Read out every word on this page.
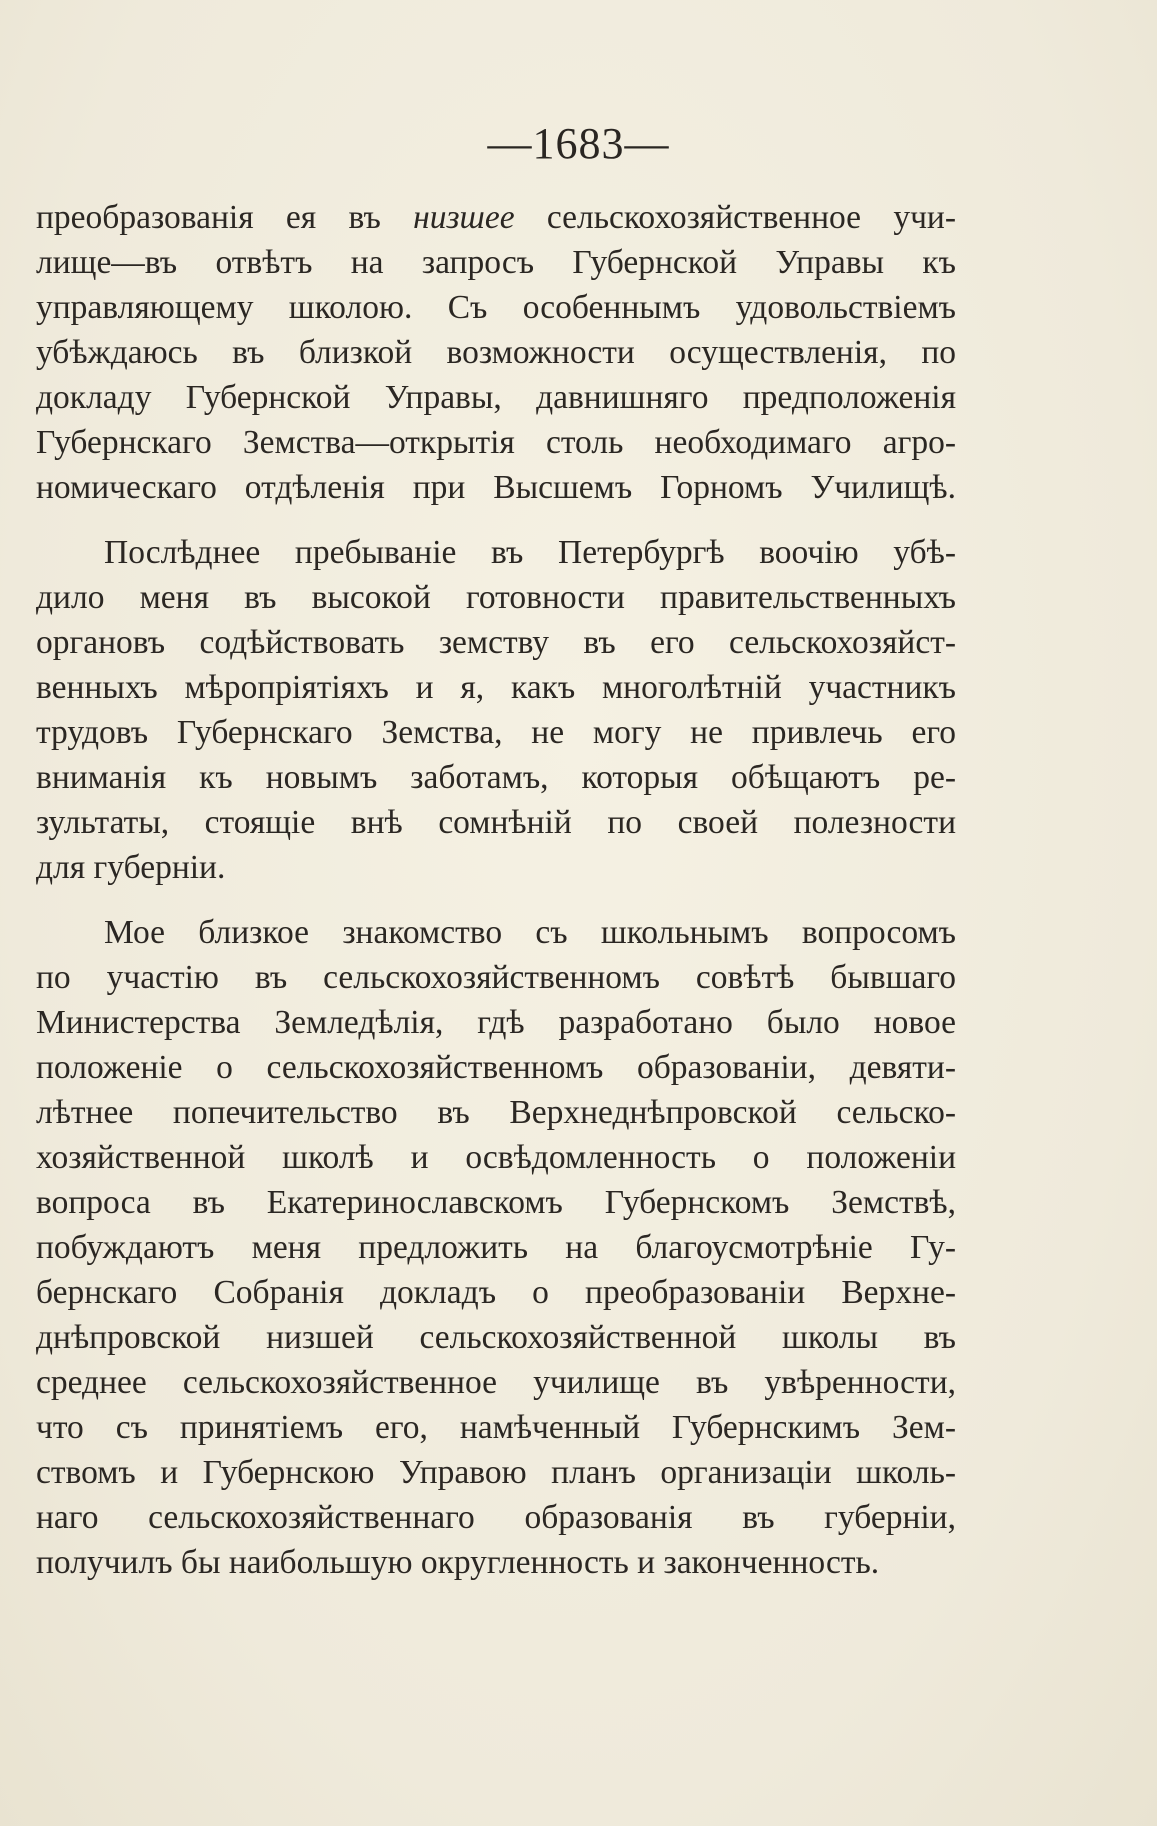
—1683—
преобразованія ея въ низшее сельскохозяйственное учи-
лище—въ отвѣтъ на запросъ Губернской Управы къ
управляющему школою. Съ особеннымъ удовольствіемъ
убѣждаюсь въ близкой возможности осуществленія, по
докладу Губернской Управы, давнишняго предположенія
Губернскаго Земства—открытія столь необходимаго агро-
номическаго отдѣленія при Высшемъ Горномъ Училищѣ.
Послѣднее пребываніе въ Петербургѣ воочію убѣ-
дило меня въ высокой готовности правительственныхъ
органовъ содѣйствовать земству въ его сельскохозяйст-
венныхъ мѣропріятіяхъ и я, какъ многолѣтній участникъ
трудовъ Губернскаго Земства, не могу не привлечь его
вниманія къ новымъ заботамъ, которыя обѣщаютъ ре-
зультаты, стоящіе внѣ сомнѣній по своей полезности
для губерніи.
Мое близкое знакомство съ школьнымъ вопросомъ
по участію въ сельскохозяйственномъ совѣтѣ бывшаго
Министерства Земледѣлія, гдѣ разработано было новое
положеніе о сельскохозяйственномъ образованіи, девяти-
лѣтнее попечительство въ Верхнеднѣпровской сельско-
хозяйственной школѣ и освѣдомленность о положеніи
вопроса въ Екатеринославскомъ Губернскомъ Земствѣ,
побуждаютъ меня предложить на благоусмотрѣніе Гу-
бернскаго Собранія докладъ о преобразованіи Верхне-
днѣпровской низшей сельскохозяйственной школы въ
среднее сельскохозяйственное училище въ увѣренности,
что съ принятіемъ его, намѣченный Губернскимъ Зем-
ствомъ и Губернскою Управою планъ организаціи школь-
наго сельскохозяйственнаго образованія въ губерніи,
получилъ бы наибольшую округленность и законченность.
